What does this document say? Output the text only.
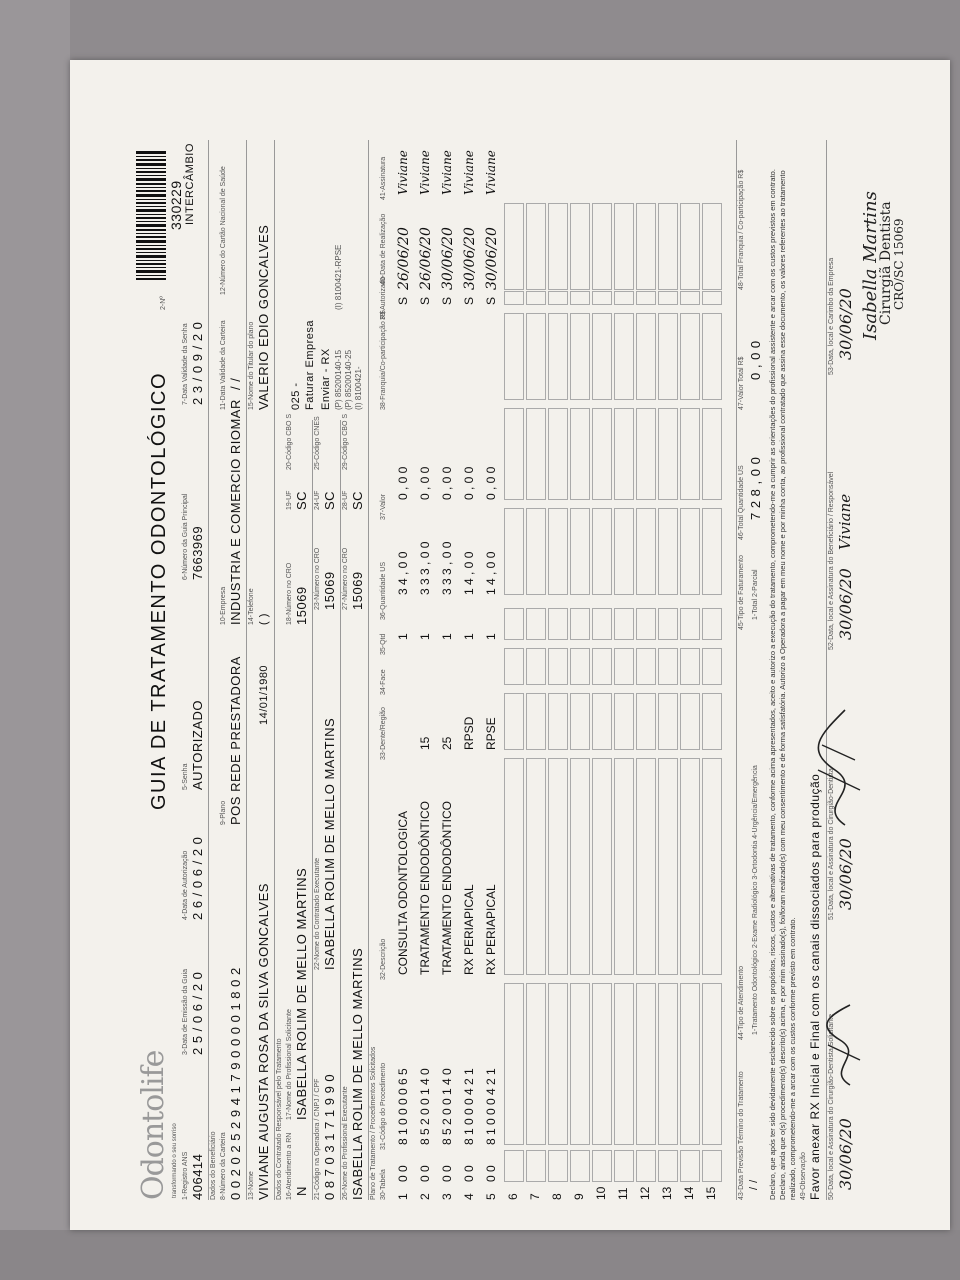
Odontolife transformando o seu sorriso
GUIA DE TRATAMENTO ODONTOLÓGICO
330229 INTERCÂMBIO
2-Nº
1-Registro ANS 406414
3-Data de Emissão da Guia 2 5 / 0 6 / 2 0
4-Data de Autorização 2 6 / 0 6 / 2 0
5-Senha AUTORIZADO
6-Número da Guia Principal 7663969
7-Data Validade da Senha 2 3 / 0 9 / 2 0
Dados do Beneficiário 8-Número da Carteira 0 0 2 0 2 5 2 9 4 1 7 9 0 0 0 0 1 8 0 2
9-Plano POS REDE PRESTADORA
10-Empresa INDUSTRIA E COMERCIO RIOMAR
11-Data Validade da Carteira / /
12-Número do Cartão Nacional de Saúde
13-Nome VIVIANE AUGUSTA ROSA DA SILVA GONCALVES
14/01/1980
14-Telefone ( )
15-Nome do Titular do plano VALERIO EDIO GONCALVES
Dados do Contratado Responsável pelo Tratamento 16-Atendimento a RN N
17-Nome do Profissional Solicitante ISABELLA ROLIM DE MELLO MARTINS
18-Número no CRO 15069
19-UF SC
20-Código CBO S
21-Código na Operadora / CNPJ / CPF 0 8 7 0 3 1 7 1 9 9 0
22-Nome do Contratado Executante ISABELLA ROLIM DE MELLO MARTINS
23-Número no CRO 15069
24-UF SC
25-Código CNES
26-Nome do Profissional Executante ISABELLA ROLIM DE MELLO MARTINS
27-Número no CRO 15069
28-UF SC
29-Código CBO S
025 - Faturar Empresa Enviar - RX (P) 85200140-15 (P) 85200140-25 (I) 8100421-
(I) 8100421-RPSE
Plano de Tratamento / Procedimentos Solicitados 30-Tabela
31-Código do Procedimento
32-Descrição
33-Dente/Região
34-Face
35-Qtd
36-Quantidade US
37-Valor
38-Franquia/Co-participação R$
39-Autorizado
40-Data de Realização
41-Assinatura
1
0 0
8 1 0 0 0 0 6 5
CONSULTA ODONTOLOGICA
1
3 4 , 0 0
0 , 0 0
S
26/06/20
Viviane
2
0 0
8 5 2 0 0 1 4 0
TRATAMENTO ENDODÔNTICO
15
1
3 3 3 , 0 0
0 , 0 0
S
26/06/20
Viviane
3
0 0
8 5 2 0 0 1 4 0
TRATAMENTO ENDODÔNTICO
25
1
3 3 3 , 0 0
0 , 0 0
S
30/06/20
Viviane
4
0 0
8 1 0 0 0 4 2 1
RX PERIAPICAL
RPSD
1
1 4 , 0 0
0 , 0 0
S
30/06/20
Viviane
5
0 0
8 1 0 0 0 4 2 1
RX PERIAPICAL
RPSE
1
1 4 , 0 0
0 , 0 0
S
30/06/20
Viviane
6 7 8 9 10 11 12 13 14 15	43-Data Previsão Término do Tratamento / /
44-Tipo de Atendimento 1-Tratamento Odontológico 2-Exame Radiológico 3-Ortodontia 4-Urgência/Emergência
45-Tipo de Faturamento 1-Total 2-Parcial
46-Total Quantidade US 7 2 8 , 0 0
47-Valor Total R$ 0 , 0 0
48-Total Franquia / Co-participação R$	Declaro, que após ter sido devidamente esclarecido sobre os propósitos, riscos, custos e alternativas de tratamento, conforme acima apresentados, aceito e autorizo a execução do tratamento, comprometendo-me a cumprir as orientações do profissional assistente e arcar com os custos previstos em contrato. Declaro, ainda que o(s) procedimento(s) descrito(s) acima, e por mim assinado(s), foi/foram realizado(s) com meu consentimento e de forma satisfatória. Autorizo a Operadora a pagar em meu nome e por minha conta, ao profissional contratado que assina esse documento, os valores referentes ao tratamento realizado, comprometendo-me a arcar com os custos conforme previsto em contrato. 49-Observação Favor anexar RX Inicial e Final com os canais dissociados para produção 50-Data, local e Assinatura do Cirurgião-Dentista Solicitante 30/06/20
51-Data, local e Assinatura do Cirurgião-Dentista 30/06/20
52-Data, local e Assinatura do Beneficiário / Responsável 30/06/20
Viviane
53-Data, local e Carimbo da Empresa 30/06/20 Isabella Martins
Cirurgiã Dentista
CRO/SC 15069
